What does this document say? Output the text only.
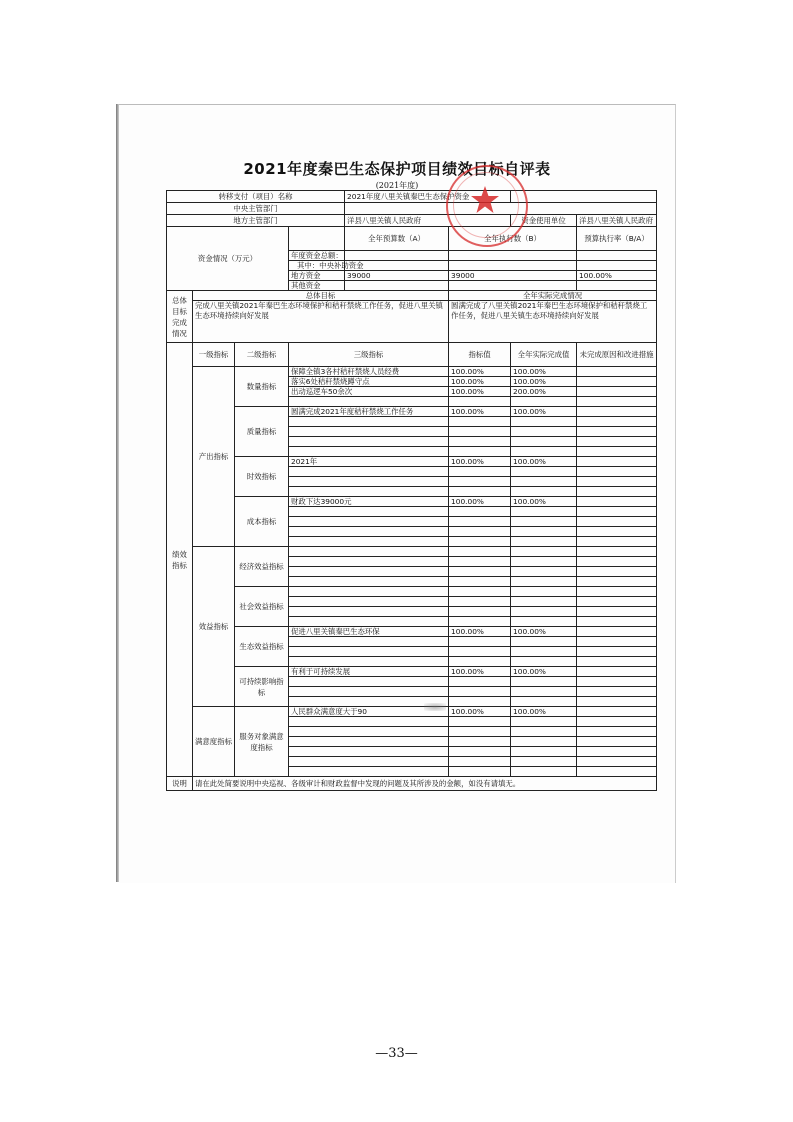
2021年度秦巴生态保护项目绩效目标自评表
(2021年度)
转移支付（项目）名称				2021年度八里关镇秦巴生态保护资金			
中央主管部门							
地方主管部门				洋县八里关镇人民政府		资金使用单位	洋县八里关镇人民政府
资金情况（万元）				全年预算数（A）	全年执行数（B）		预算执行率（B/A）
			年度资金总额：				
			其中：中央补助资金				
			地方资金	39000	39000		100.00%
			其他资金				
总体目标完成情况	总体目标				全年实际完成情况		
	完成八里关镇2021年秦巴生态环境保护和秸秆禁烧工作任务，促进八里关镇生态环境持续向好发展				圆满完成了八里关镇2021年秦巴生态环境保护和秸秆禁烧工作任务，促进八里关镇生态环境持续向好发展		
绩效指标	一级指标	二级指标	三级指标		指标值	全年实际完成值	未完成原因和改进措施
	产出指标	数量指标	保障全镇3各村秸秆禁烧人员经费		100.00%	100.00%	
			落实6处秸秆禁烧蹲守点		100.00%	100.00%	
			出动巡逻车50余次		100.00%	200.00%	

		质量指标	圆满完成2021年度秸秆禁烧工作任务		100.00%	100.00%	

		时效指标	2021年		100.00%	100.00%	

		成本指标	财政下达39000元		100.00%	100.00%	

	效益指标	经济效益指标					

		社会效益指标					

		生态效益指标	促进八里关镇秦巴生态环保		100.00%	100.00%	

		可持续影响指标	有利于可持续发展		100.00%	100.00%	

	满意度指标	服务对象满意度指标	人民群众满意度大于90		100.00%	100.00%	

说明	请在此处简要说明中央巡视、各级审计和财政监督中发现的问题及其所涉及的金额，如没有请填无。						
—33—
